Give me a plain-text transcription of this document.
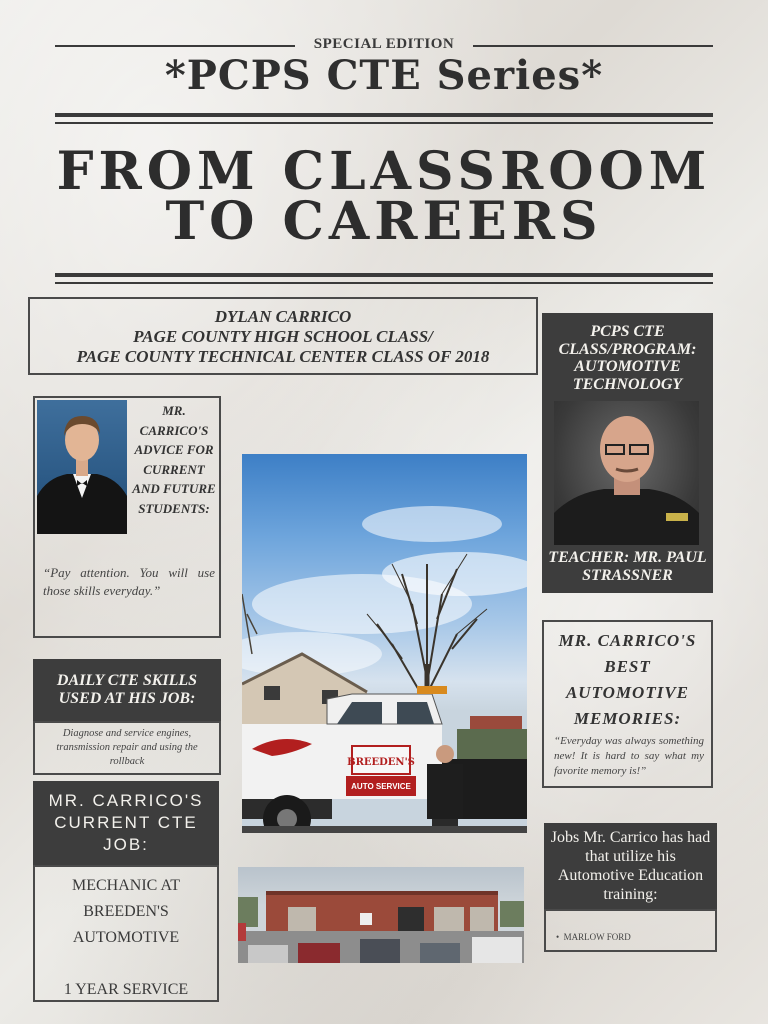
SPECIAL EDITION
*PCPS CTE Series*
FROM CLASSROOM
TO CAREERS
DYLAN CARRICO
PAGE COUNTY HIGH SCHOOL CLASS/
PAGE COUNTY TECHNICAL CENTER CLASS OF 2018
MR. CARRICO'S ADVICE FOR CURRENT AND FUTURE STUDENTS:
“Pay attention. You will use those skills everyday.”
DAILY CTE SKILLS USED AT HIS JOB:
Diagnose and service engines, transmission repair and using the rollback
MR. CARRICO'S CURRENT CTE JOB:
MECHANIC AT
BREEDEN'S
AUTOMOTIVE
1 YEAR SERVICE
BREEDEN'S
AUTO SERVICE
PCPS CTE CLASS/PROGRAM: AUTOMOTIVE TECHNOLOGY
TEACHER: MR. PAUL STRASSNER
MR. CARRICO'S BEST AUTOMOTIVE MEMORIES:
“Everyday was always something new! It is hard to say what my favorite memory is!”
Jobs Mr. Carrico has had that utilize his Automotive Education training:
•  MARLOW FORD
